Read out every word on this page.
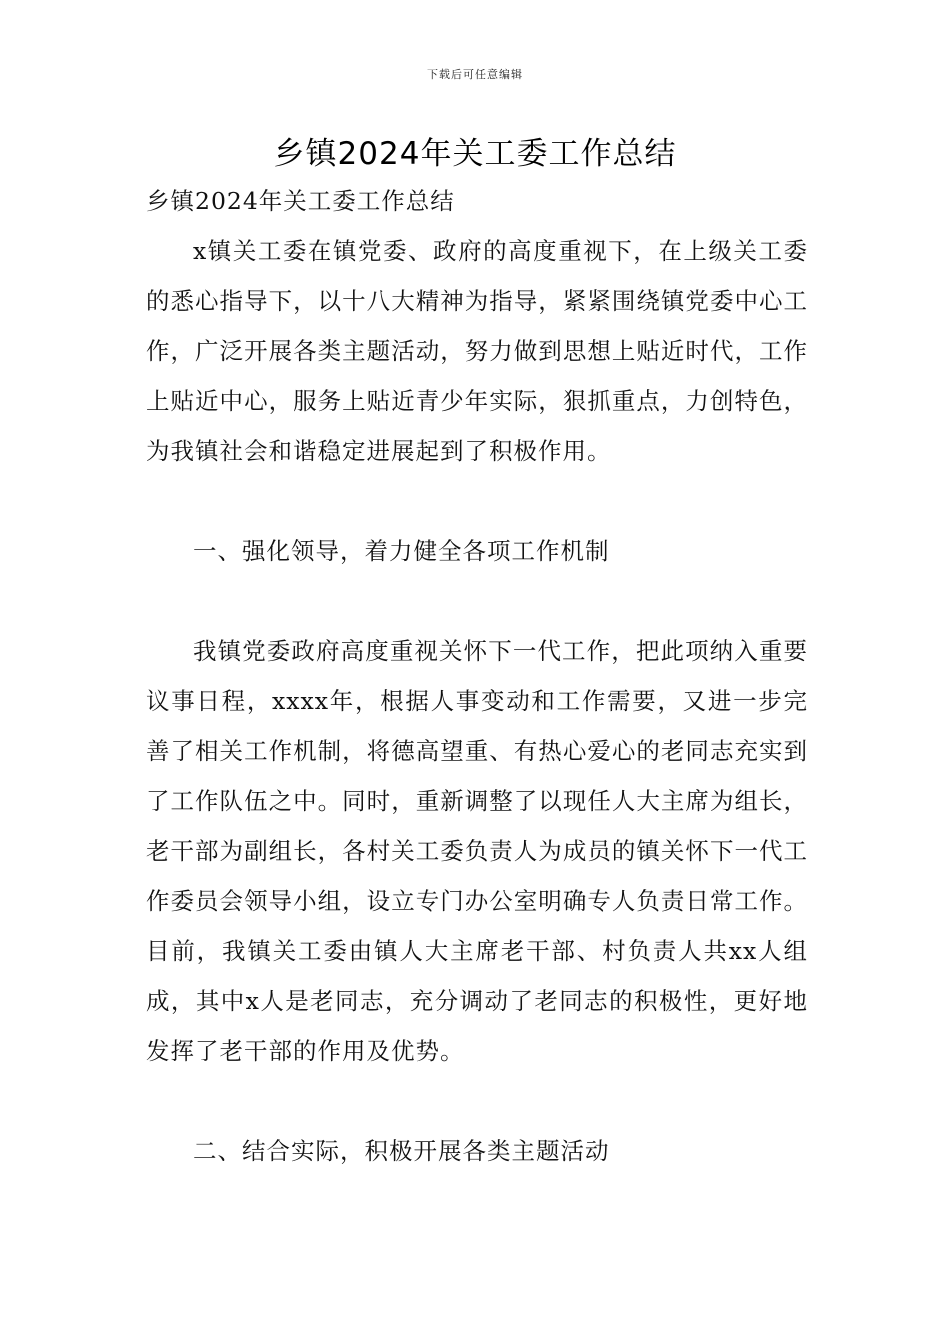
下载后可任意编辑
乡镇2024年关工委工作总结

乡镇2024年关工委工作总结

x镇关工委在镇党委、政府的高度重视下，在上级关工委的悉心指导下，以十八大精神为指导，紧紧围绕镇党委中心工作，广泛开展各类主题活动，努力做到思想上贴近时代，工作上贴近中心，服务上贴近青少年实际，狠抓重点，力创特色，为我镇社会和谐稳定进展起到了积极作用。

一、强化领导，着力健全各项工作机制

我镇党委政府高度重视关怀下一代工作，把此项纳入重要议事日程，xxxx年，根据人事变动和工作需要，又进一步完善了相关工作机制，将德高望重、有热心爱心的老同志充实到了工作队伍之中。同时，重新调整了以现任人大主席为组长，老干部为副组长，各村关工委负责人为成员的镇关怀下一代工作委员会领导小组，设立专门办公室明确专人负责日常工作。目前，我镇关工委由镇人大主席老干部、村负责人共xx人组成，其中x人是老同志，充分调动了老同志的积极性，更好地发挥了老干部的作用及优势。

二、结合实际，积极开展各类主题活动
